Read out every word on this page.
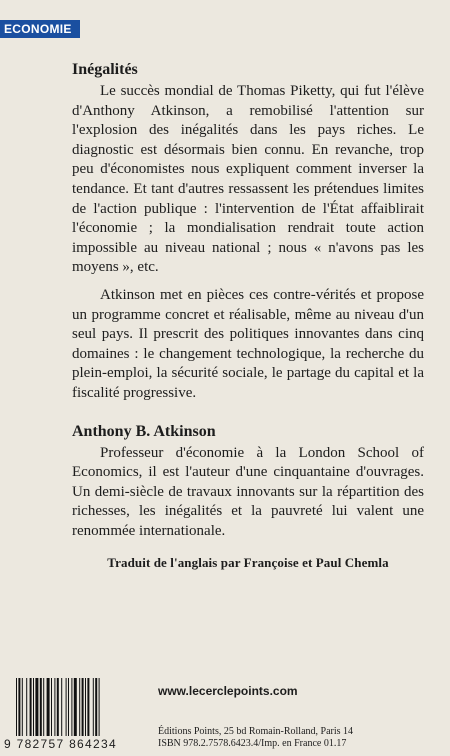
ECONOMIE
Inégalités

Le succès mondial de Thomas Piketty, qui fut l'élève d'Anthony Atkinson, a remobilisé l'attention sur l'explosion des inégalités dans les pays riches. Le diagnostic est désormais bien connu. En revanche, trop peu d'économistes nous expliquent comment inverser la tendance. Et tant d'autres ressassent les prétendues limites de l'action publique : l'intervention de l'État affaiblirait l'économie ; la mondialisation rendrait toute action impossible au niveau national ; nous « n'avons pas les moyens », etc.

Atkinson met en pièces ces contre-vérités et propose un programme concret et réalisable, même au niveau d'un seul pays. Il prescrit des politiques innovantes dans cinq domaines : le changement technologique, la recherche du plein-emploi, la sécurité sociale, le partage du capital et la fiscalité progressive.

Anthony B. Atkinson

Professeur d'économie à la London School of Economics, il est l'auteur d'une cinquantaine d'ouvrages. Un demi-siècle de travaux innovants sur la répartition des richesses, les inégalités et la pauvreté lui valent une renommée internationale.

Traduit de l'anglais par Françoise et Paul Chemla
9 782757 864234
www.lecerclepoints.com
Éditions Points, 25 bd Romain-Rolland, Paris 14
ISBN 978.2.7578.6423.4/Imp. en France 01.17
